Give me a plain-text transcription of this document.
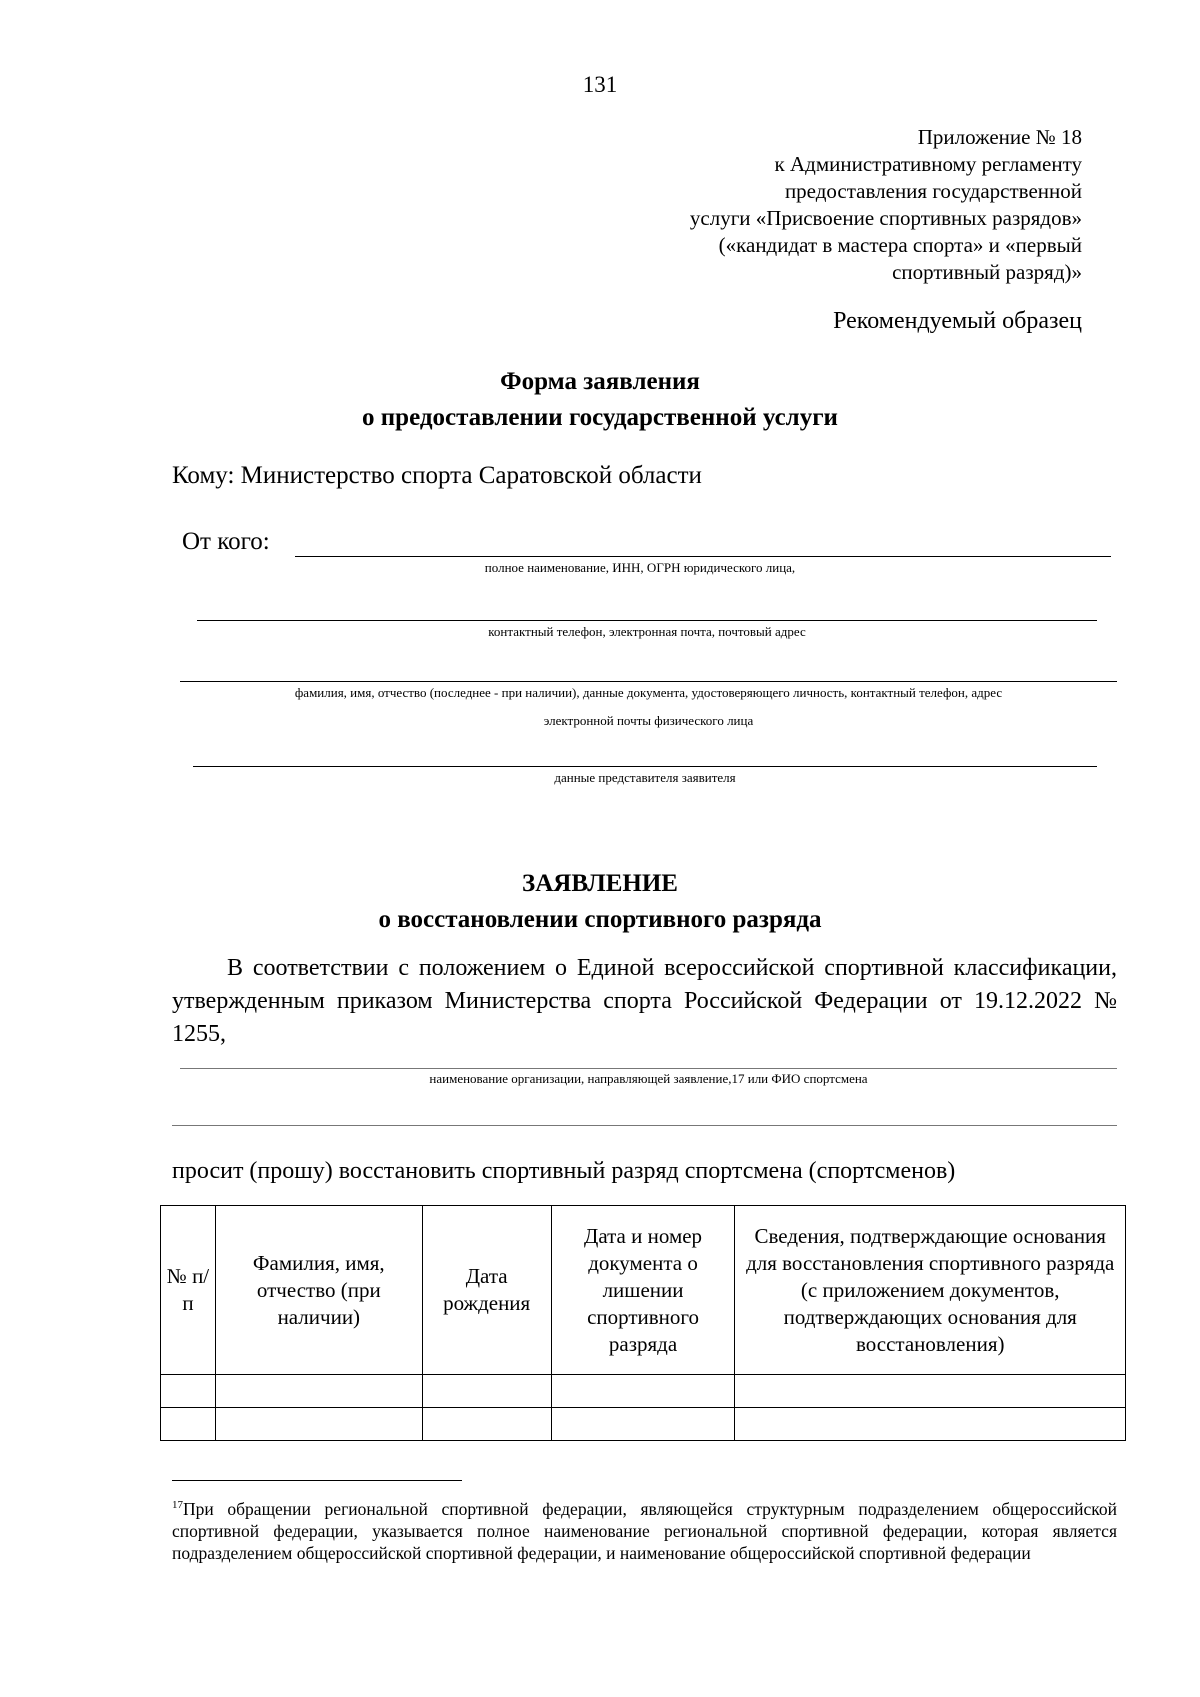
131
Приложение № 18
к Административному регламенту
предоставления государственной
услуги «Присвоение спортивных разрядов»
(«кандидат в мастера спорта» и «первый
спортивный разряд)»
Рекомендуемый образец
Форма заявления
о предоставлении государственной услуги
Кому: Министерство спорта Саратовской области
От кого:
полное наименование, ИНН, ОГРН юридического лица,
контактный телефон, электронная почта, почтовый адрес
фамилия, имя, отчество (последнее - при наличии), данные документа, удостоверяющего личность, контактный телефон, адрес
электронной почты физического лица
данные представителя заявителя
ЗАЯВЛЕНИЕ
о восстановлении спортивного разряда
В соответствии с положением о Единой всероссийской спортивной классификации, утвержденным приказом Министерства спорта Российской Федерации от 19.12.2022 № 1255,
наименование организации, направляющей заявление,17 или ФИО спортсмена
просит (прошу) восстановить спортивный разряд спортсмена (спортсменов)
№ п/п	Фамилия, имя, отчество (при наличии)	Дата рождения	Дата и номер документа о лишении спортивного разряда	Сведения, подтверждающие основания для восстановления спортивного разряда (с приложением документов, подтверждающих основания для восстановления)

$^{17}$При обращении региональной спортивной федерации, являющейся структурным подразделением общероссийской спортивной федерации, указывается полное наименование региональной спортивной федерации, которая является подразделением общероссийской спортивной федерации, и наименование общероссийской спортивной федерации
